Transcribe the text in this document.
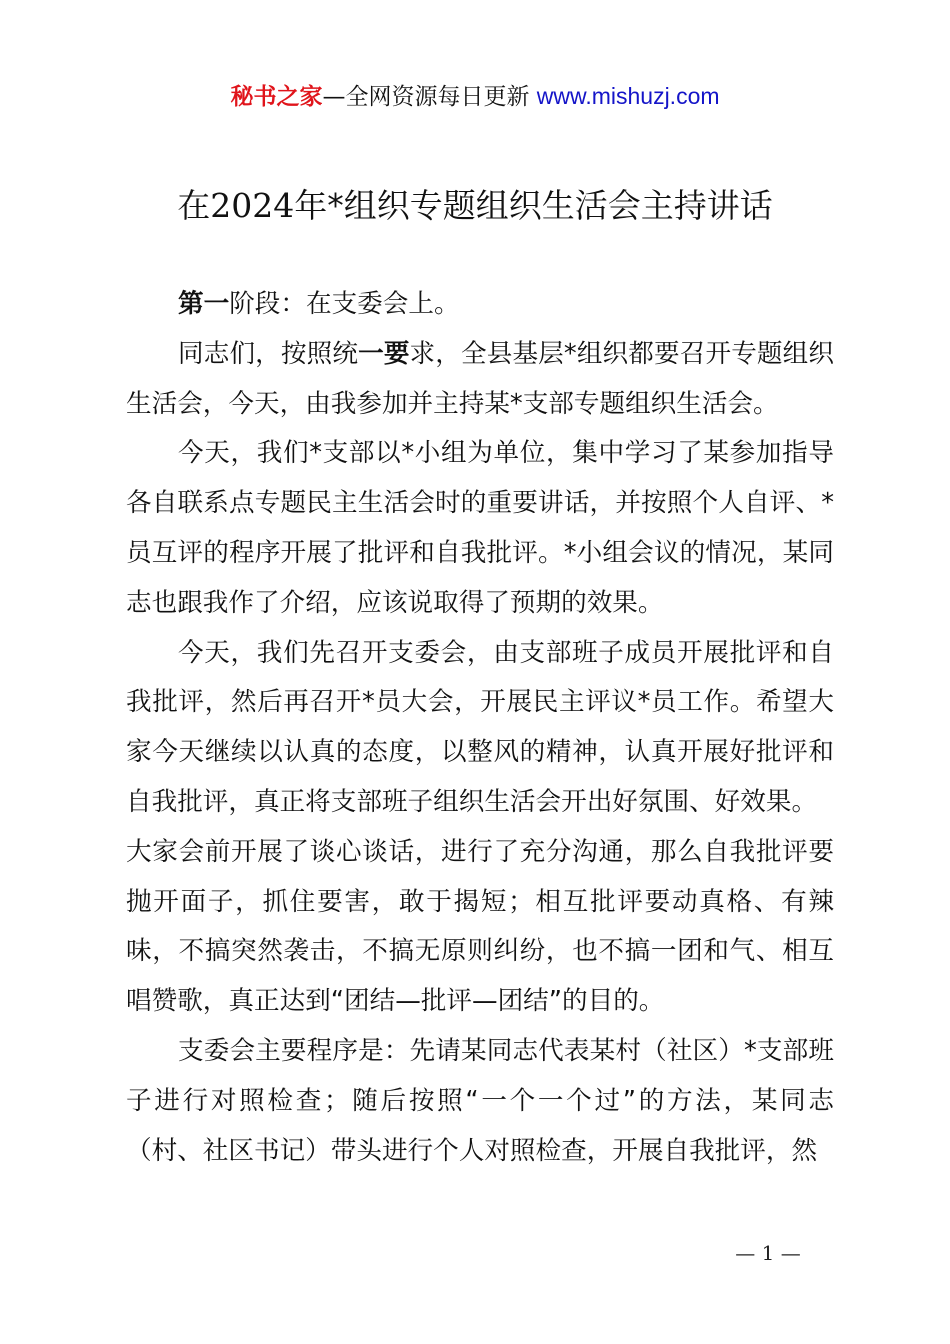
秘书之家—全网资源每日更新 www.mishuzj.com
在2024年*组织专题组织生活会主持讲话

第一阶段：在支委会上。

同志们，按照统一要求，全县基层*组织都要召开专题组织生活会，今天，由我参加并主持某*支部专题组织生活会。

今天，我们*支部以*小组为单位，集中学习了某参加指导各自联系点专题民主生活会时的重要讲话，并按照个人自评、*员互评的程序开展了批评和自我批评。*小组会议的情况，某同志也跟我作了介绍，应该说取得了预期的效果。

今天，我们先召开支委会，由支部班子成员开展批评和自我批评，然后再召开*员大会，开展民主评议*员工作。希望大家今天继续以认真的态度，以整风的精神，认真开展好批评和自我批评，真正将支部班子组织生活会开出好氛围、好效果。

大家会前开展了谈心谈话，进行了充分沟通，那么自我批评要抛开面子，抓住要害，敢于揭短；相互批评要动真格、有辣味，不搞突然袭击，不搞无原则纠纷，也不搞一团和气、相互唱赞歌，真正达到“团结—批评—团结”的目的。

支委会主要程序是：先请某同志代表某村（社区）*支部班子进行对照检查；随后按照“一个一个过”的方法，某同志（村、社区书记）带头进行个人对照检查，开展自我批评，然

— 1 —
